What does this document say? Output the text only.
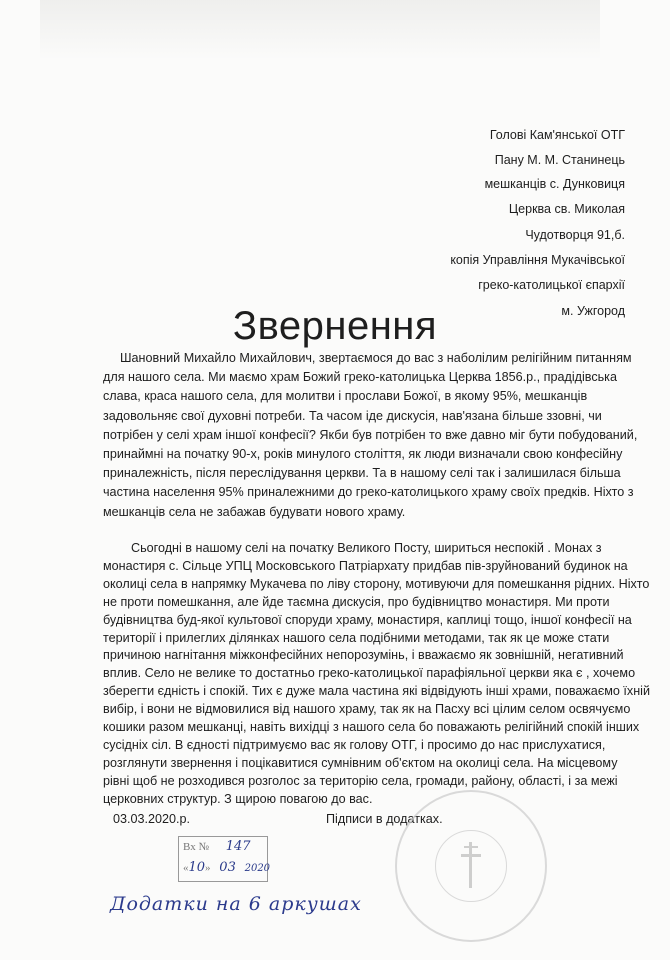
Голові Кам'янської ОТГ
Пану М. М. Станинець
мешканців с. Дунковиця
Церква св. Миколая
Чудотворця 91,б.
копія Управління Мукачівської
греко-католицької єпархії
м. Ужгород
Звернення
Шановний Михайло Михайлович, звертаємося до вас з наболілим релігійним питанням
для нашого села. Ми маємо храм Божий греко-католицька Церква 1856.р., прадідівська
слава, краса нашого села, для молитви і прослави Божої, в якому 95%, мешканців
задовольняє свої духовні потреби. Та часом іде дискусія, нав'язана більше ззовні, чи
потрібен у селі храм іншої конфесії? Якби був потрібен то вже давно міг бути побудований,
принаймні на початку 90-х, років минулого століття, як люди визначали свою конфесійну
приналежність, після переслідування церкви. Та в нашому селі так і залишилася більша
частина населення 95% приналежними до греко-католицького храму своїх предків. Ніхто з
мешканців села не забажав будувати нового храму.
Сьогодні в нашому селі на початку Великого Посту, шириться неспокій . Монах з
монастиря с. Сільце УПЦ Московського Патріархату придбав пів-зруйнований будинок на
околиці села в напрямку Мукачева по ліву сторону, мотивуючи для помешкання рідних. Ніхто
не проти помешкання, але йде таємна дискусія, про будівництво монастиря. Ми проти
будівництва буд-якої культової споруди храму, монастиря, каплиці тощо, іншої конфесії на
території і прилеглих ділянках нашого села подібними методами, так як це може стати
причиною нагнітання міжконфесійних непорозумінь, і вважаємо як зовнішній, негативний
вплив. Село не велике то достатньо греко-католицької парафіяльної церкви яка є , хочемо
зберегти єдність і спокій. Тих є дуже мала частина які відвідують інші храми, поважаємо їхній
вибір, і вони не відмовилися від нашого храму, так як на Пасху всі цілим селом освячуємо
кошики разом мешканці, навіть вихідці з нашого села бо поважають релігійний спокій інших
сусідніх сіл. В єдності підтримуємо вас як голову ОТГ, і просимо до нас прислухатися,
розглянути звернення і поцікавитися сумнівним об'єктом на околиці села. На місцевому
рівні щоб не розходився розголос за територію села, громади, району, області, і за межі
церковних структур. З щирою повагою до вас.
03.03.2020.р.	Підписи в додатках.
Вх № 147
«10» 03 2020
Додатки на 6 аркушах
